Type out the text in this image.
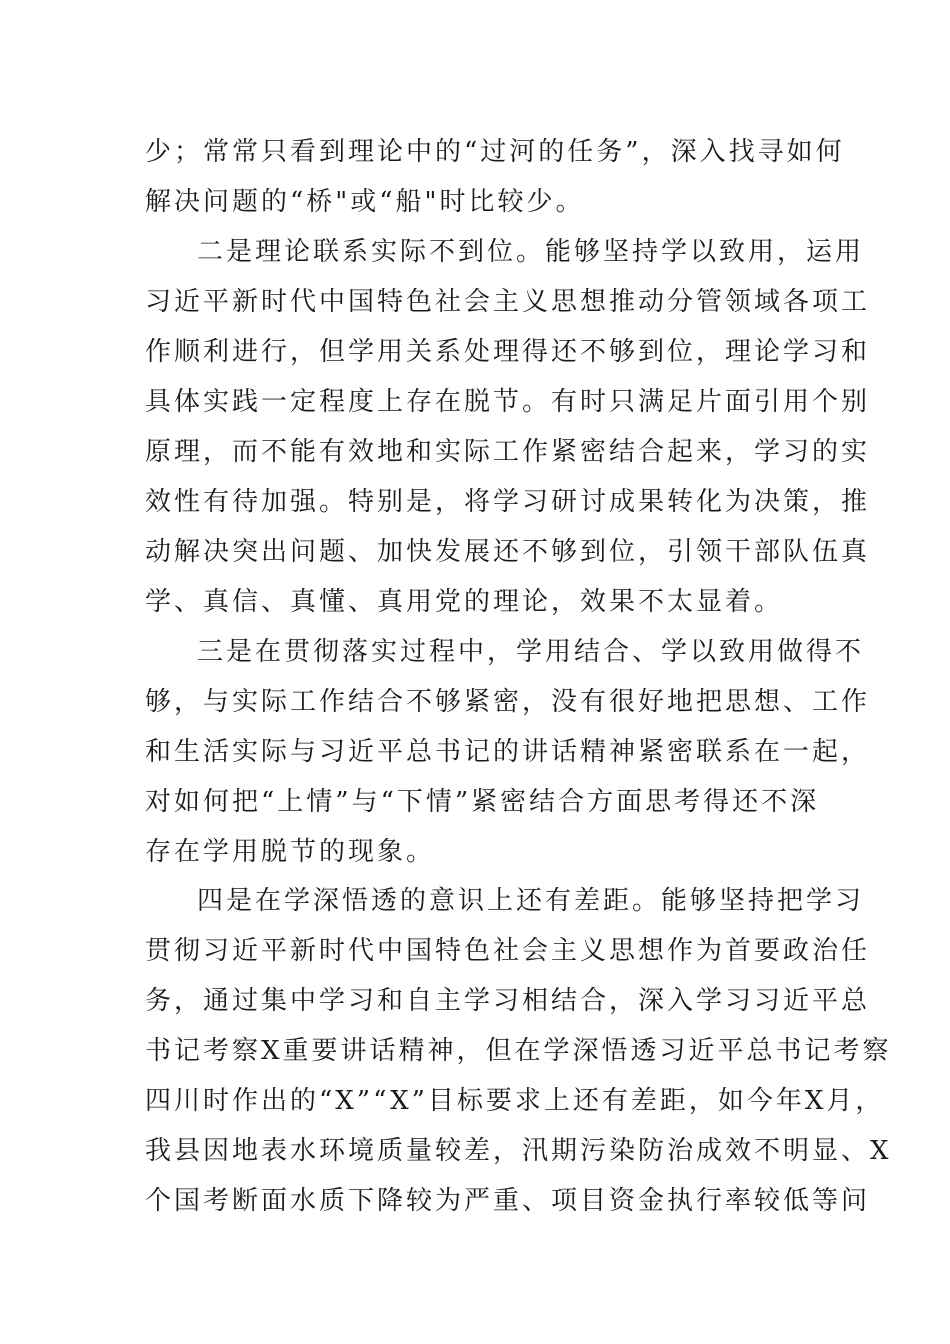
少；常常只看到理论中的“过河的任务”，深入找寻如何
解决问题的“桥"或“船"时比较少。
二是理论联系实际不到位。能够坚持学以致用，运用
习近平新时代中国特色社会主义思想推动分管领域各项工
作顺利进行，但学用关系处理得还不够到位，理论学习和
具体实践一定程度上存在脱节。有时只满足片面引用个别
原理，而不能有效地和实际工作紧密结合起来，学习的实
效性有待加强。特别是，将学习研讨成果转化为决策，推
动解决突出问题、加快发展还不够到位，引领干部队伍真
学、真信、真懂、真用党的理论，效果不太显着。
三是在贯彻落实过程中，学用结合、学以致用做得不
够，与实际工作结合不够紧密，没有很好地把思想、工作
和生活实际与习近平总书记的讲话精神紧密联系在一起，
对如何把“上情”与“下情”紧密结合方面思考得还不深
存在学用脱节的现象。
四是在学深悟透的意识上还有差距。能够坚持把学习
贯彻习近平新时代中国特色社会主义思想作为首要政治任
务，通过集中学习和自主学习相结合，深入学习习近平总
书记考察X重要讲话精神，但在学深悟透习近平总书记考察
四川时作出的“X”“X”目标要求上还有差距，如今年X月，
我县因地表水环境质量较差，汛期污染防治成效不明显、X
个国考断面水质下降较为严重、项目资金执行率较低等问
